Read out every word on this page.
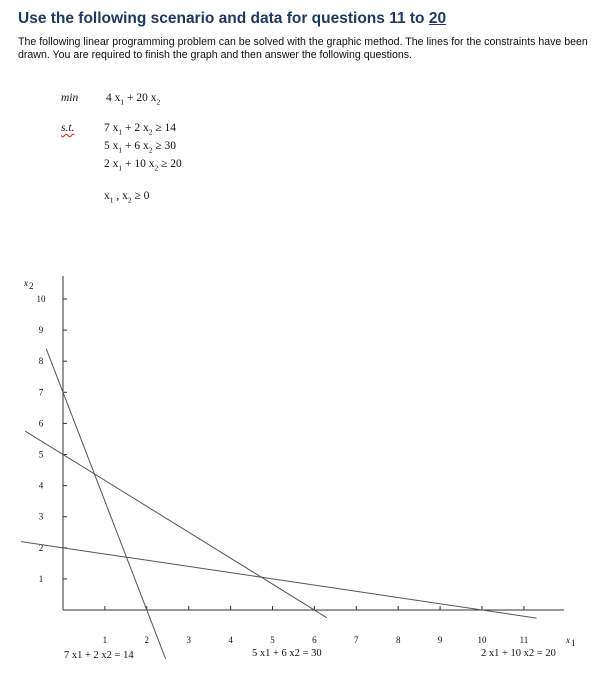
Use the following scenario and data for questions 11 to 20

The following linear programming problem can be solved with the graphic method. The lines for the constraints have been drawn. You are required to finish the graph and then answer the following questions.

min 4 $x_1 + 20$ $x_2$
s.t.	7 $x_1 + 2$ $x_2 \ge 14$
5 $x_1 + 6$ $x_2 \ge 30$
2 $x_1 + 10$ $x_2 \ge 20$
$x_1$ , $x_2 \ge 0$
1
2
3
4
5
6
7
8
9
10
x 2
1	2	3	4	5	6	7	8	9	10	11	x 1
7 x1 + 2 x2 = 14	5 x1 + 6 x2 = 30	2 x1 + 10 x2 = 20
